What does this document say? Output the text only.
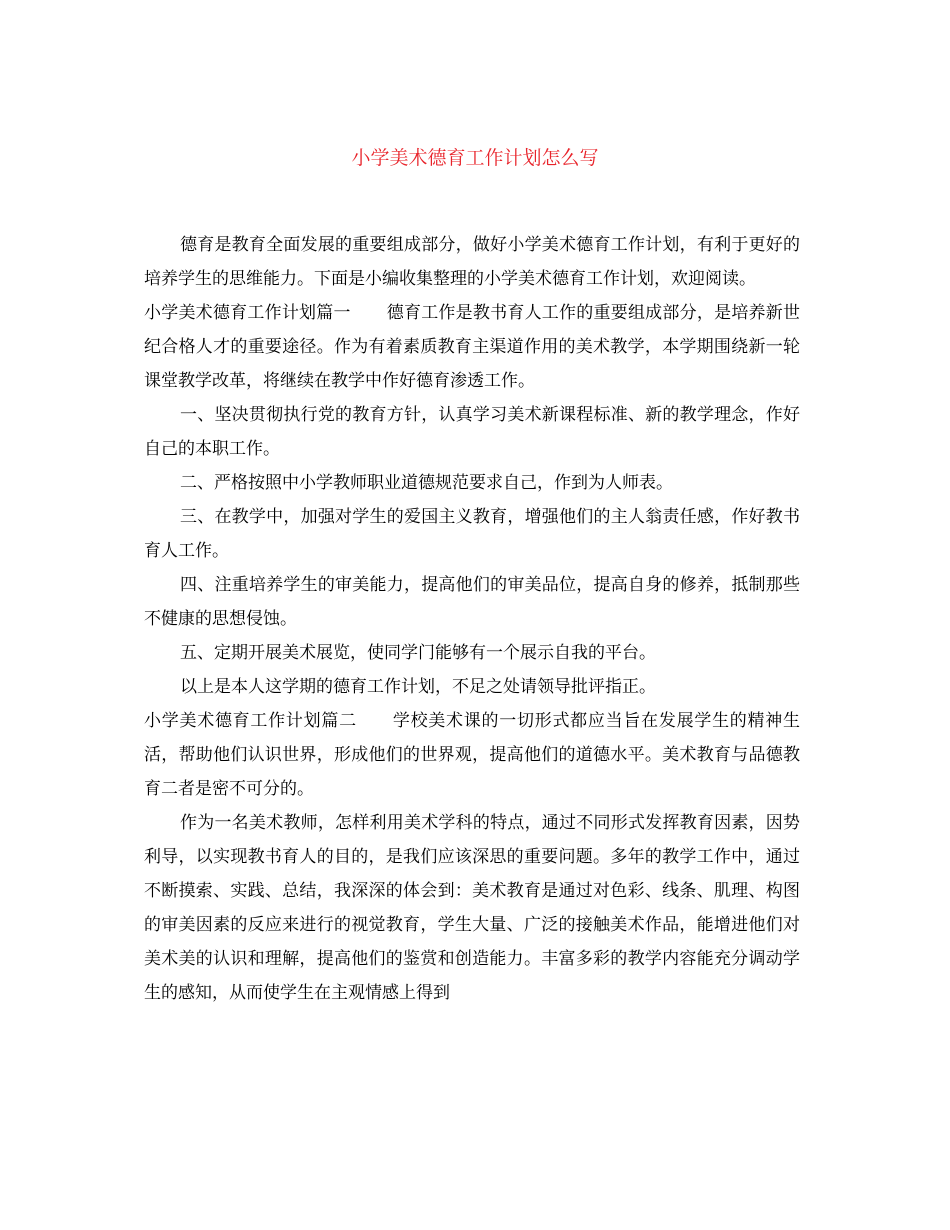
小学美术德育工作计划怎么写

德育是教育全面发展的重要组成部分，做好小学美术德育工作计划，有利于更好的培养学生的思维能力。下面是小编收集整理的小学美术德育工作计划，欢迎阅读。

小学美术德育工作计划篇一 德育工作是教书育人工作的重要组成部分，是培养新世纪合格人才的重要途径。作为有着素质教育主渠道作用的美术教学，本学期围绕新一轮课堂教学改革，将继续在教学中作好德育渗透工作。

一、坚决贯彻执行党的教育方针，认真学习美术新课程标准、新的教学理念，作好自己的本职工作。

二、严格按照中小学教师职业道德规范要求自己，作到为人师表。

三、在教学中，加强对学生的爱国主义教育，增强他们的主人翁责任感，作好教书育人工作。

四、注重培养学生的审美能力，提高他们的审美品位，提高自身的修养，抵制那些不健康的思想侵蚀。

五、定期开展美术展览，使同学门能够有一个展示自我的平台。

以上是本人这学期的德育工作计划，不足之处请领导批评指正。

小学美术德育工作计划篇二 学校美术课的一切形式都应当旨在发展学生的精神生活，帮助他们认识世界，形成他们的世界观，提高他们的道德水平。美术教育与品德教育二者是密不可分的。

作为一名美术教师，怎样利用美术学科的特点，通过不同形式发挥教育因素，因势利导，以实现教书育人的目的，是我们应该深思的重要问题。多年的教学工作中，通过不断摸索、实践、总结，我深深的体会到：美术教育是通过对色彩、线条、肌理、构图的审美因素的反应来进行的视觉教育，学生大量、广泛的接触美术作品，能增进他们对美术美的认识和理解，提高他们的鉴赏和创造能力。丰富多彩的教学内容能充分调动学生的感知，从而使学生在主观情感上得到
